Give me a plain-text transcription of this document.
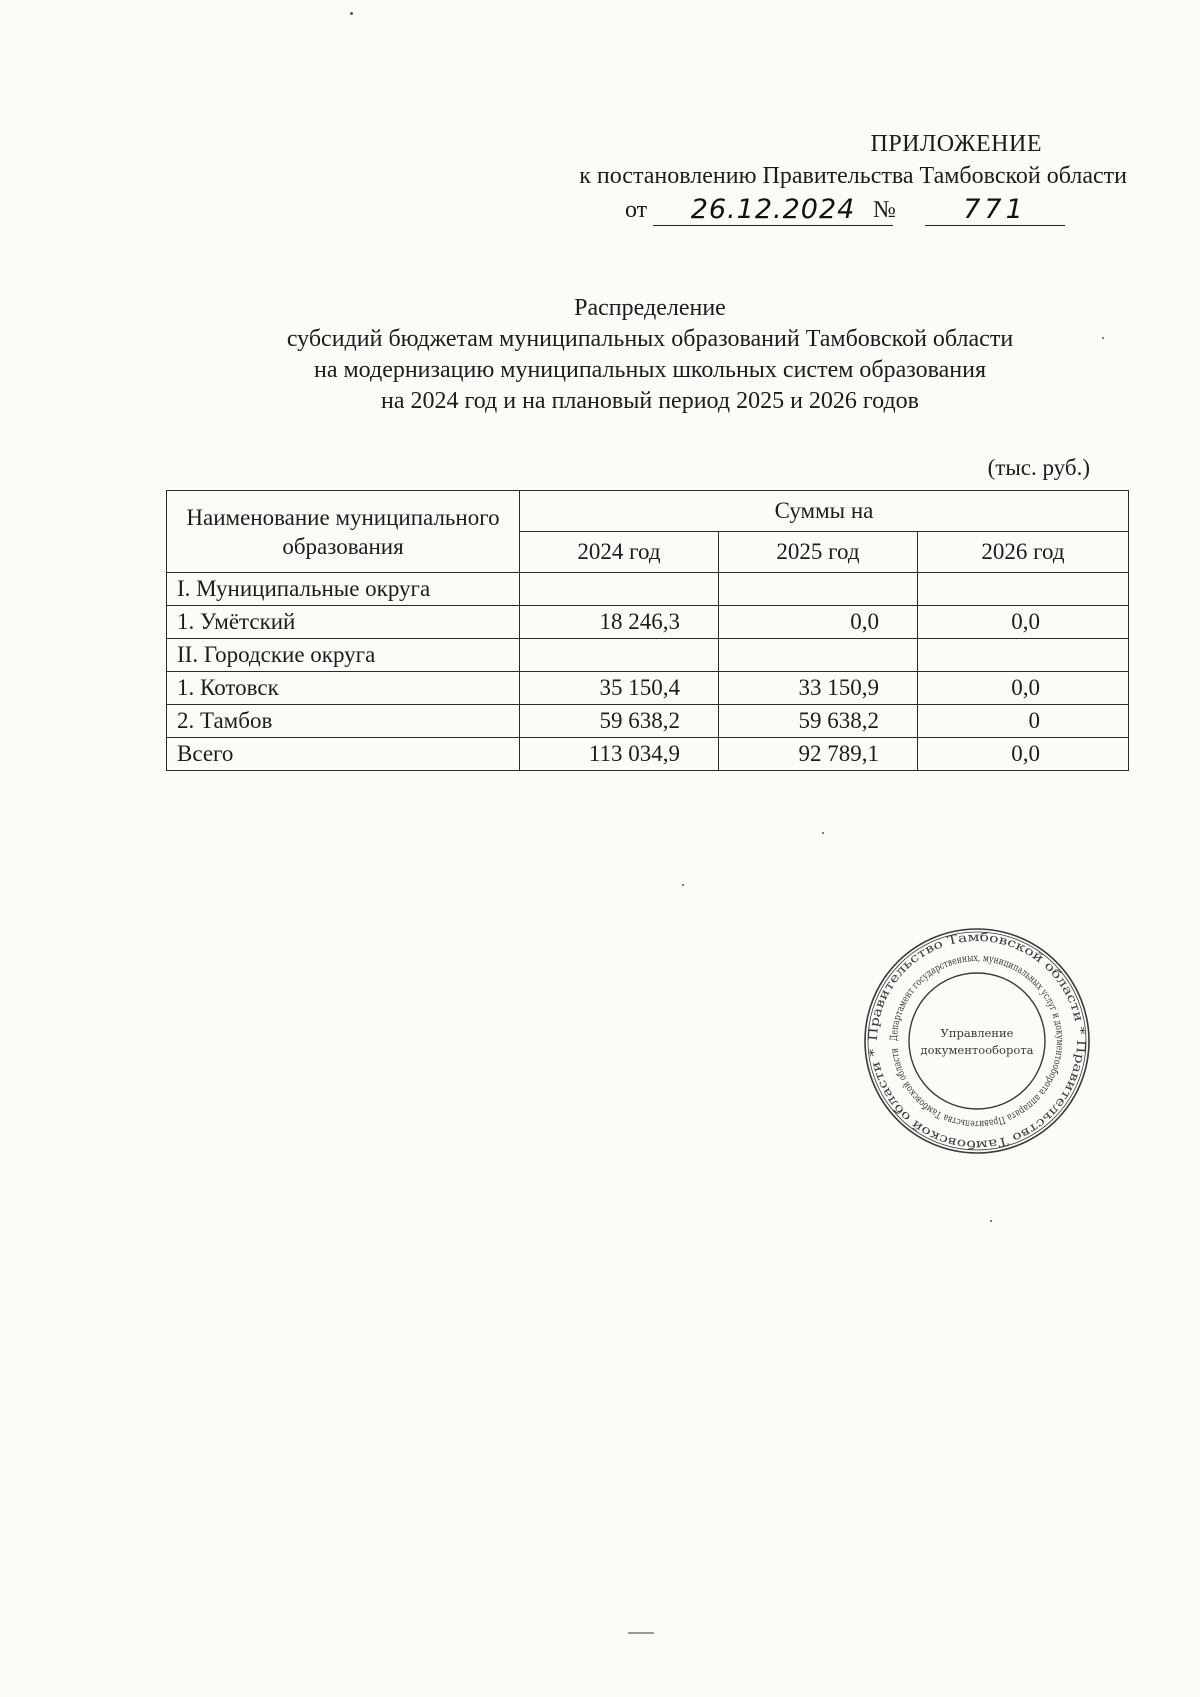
ПРИЛОЖЕНИЕ
к постановлению Правительства Тамбовской области
от	26.12.2024 №	771
Распределение
субсидий бюджетам муниципальных образований Тамбовской области
на модернизацию муниципальных школьных систем образования
на 2024 год и на плановый период 2025 и 2026 годов
(тыс. руб.)
Наименование муниципального образования	Суммы на		
	2024 год	2025 год	2026 год
I. Муниципальные округа			
1. Умётский	18 246,3	0,0	0,0
II. Городские округа			
1. Котовск	35 150,4	33 150,9	0,0
2. Тамбов	59 638,2	59 638,2	0
Всего	113 034,9	92 789,1	0,0
Правительство Тамбовской области * Правительство Тамбовской области *
Департамент государственных, муниципальных услуг и документооборота аппарата Правительства Тамбовской области
Управление
документооборота
